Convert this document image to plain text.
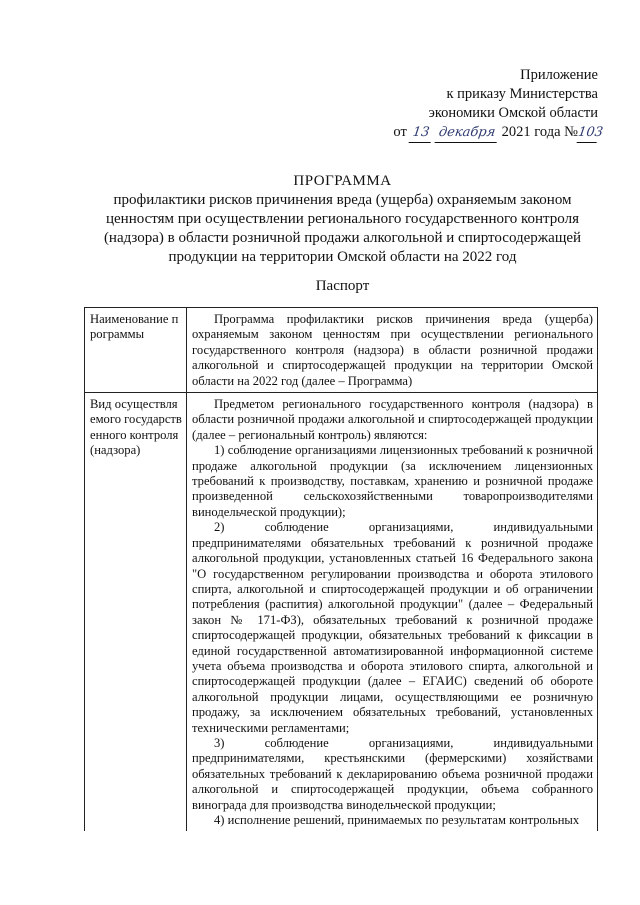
Приложение
к приказу Министерства
экономики Омской области
от 13 декабря 2021 года №103
ПРОГРАММА
профилактики рисков причинения вреда (ущерба) охраняемым законом ценностям при осуществлении регионального государственного контроля (надзора) в области розничной продажи алкогольной и спиртосодержащей продукции на территории Омской области на 2022 год
Паспорт
Наименование программы	Программа профилактики рисков причинения вреда (ущерба) охраняемым законом ценностям при осуществлении регионального государственного контроля (надзора) в области розничной продажи алкогольной и спиртосодержащей продукции на территории Омской области на 2022 год (далее – Программа)

Вид осуществляемого государственного контроля (надзора)	Предметом регионального государственного контроля (надзора) в области розничной продажи алкогольной и спиртосодержащей продукции (далее – региональный контроль) являются:

1) соблюдение организациями лицензионных требований к розничной продаже алкогольной продукции (за исключением лицензионных требований к производству, поставкам, хранению и розничной продаже произведенной сельскохозяйственными товаропроизводителями винодельческой продукции);

2) соблюдение организациями, индивидуальными предпринимателями обязательных требований к розничной продаже алкогольной продукции, установленных статьей 16 Федерального закона "О государственном регулировании производства и оборота этилового спирта, алкогольной и спиртосодержащей продукции и об ограничении потребления (распития) алкогольной продукции" (далее – Федеральный закон № 171-ФЗ), обязательных требований к розничной продаже спиртосодержащей продукции, обязательных требований к фиксации в единой государственной автоматизированной информационной системе учета объема производства и оборота этилового спирта, алкогольной и спиртосодержащей продукции (далее – ЕГАИС) сведений об обороте алкогольной продукции лицами, осуществляющими ее розничную продажу, за исключением обязательных требований, установленных техническими регламентами;

3) соблюдение организациями, индивидуальными предпринимателями, крестьянскими (фермерскими) хозяйствами обязательных требований к декларированию объема розничной продажи алкогольной и спиртосодержащей продукции, объема собранного винограда для производства винодельческой продукции;

4) исполнение решений, принимаемых по результатам контрольных
